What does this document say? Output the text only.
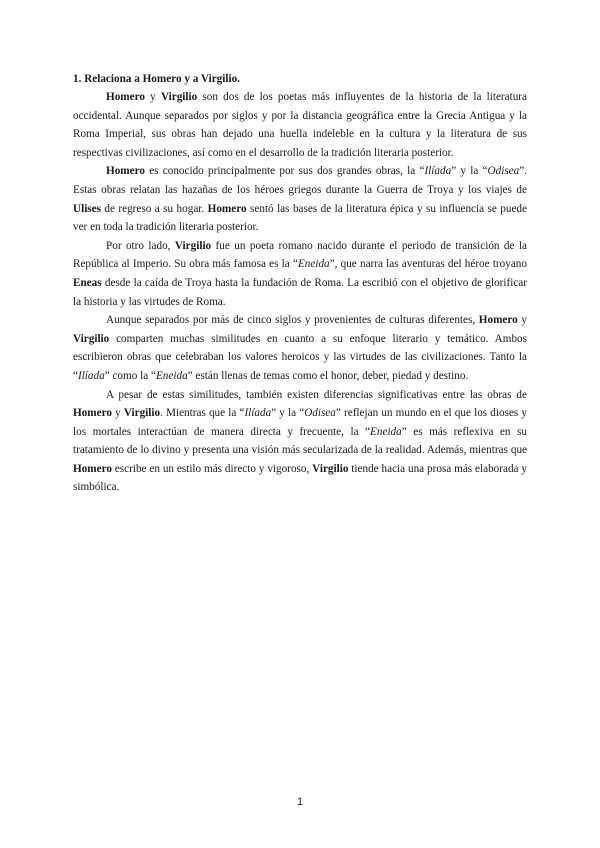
1. Relaciona a Homero y a Virgilio.

Homero y Virgilio son dos de los poetas más influyentes de la historia de la literatura occidental. Aunque separados por siglos y por la distancia geográfica entre la Grecia Antigua y la Roma Imperial, sus obras han dejado una huella indeleble en la cultura y la literatura de sus respectivas civilizaciones, así como en el desarrollo de la tradición literaria posterior.

Homero es conocido principalmente por sus dos grandes obras, la “Ilíada” y la “Odisea”. Estas obras relatan las hazañas de los héroes griegos durante la Guerra de Troya y los viajes de Ulises de regreso a su hogar. Homero sentó las bases de la literatura épica y su influencia se puede ver en toda la tradición literaria posterior.

Por otro lado, Virgilio fue un poeta romano nacido durante el periodo de transición de la República al Imperio. Su obra más famosa es la “Eneida”, que narra las aventuras del héroe troyano Eneas desde la caída de Troya hasta la fundación de Roma. La escribió con el objetivo de glorificar la historia y las virtudes de Roma.

Aunque separados por más de cinco siglos y provenientes de culturas diferentes, Homero y Virgilio comparten muchas similitudes en cuanto a su enfoque literario y temático. Ambos escribieron obras que celebraban los valores heroicos y las virtudes de las civilizaciones. Tanto la “Ilíada” como la “Eneida” están llenas de temas como el honor, deber, piedad y destino.

A pesar de estas similitudes, también existen diferencias significativas entre las obras de Homero y Virgilio. Mientras que la “Ilíada” y la “Odisea” reflejan un mundo en el que los dioses y los mortales interactúan de manera directa y frecuente, la “Eneida” es más reflexiva en su tratamiento de lo divino y presenta una visión más secularizada de la realidad. Además, mientras que Homero escribe en un estilo más directo y vigoroso, Virgilio tiende hacia una prosa más elaborada y simbólica.

1
